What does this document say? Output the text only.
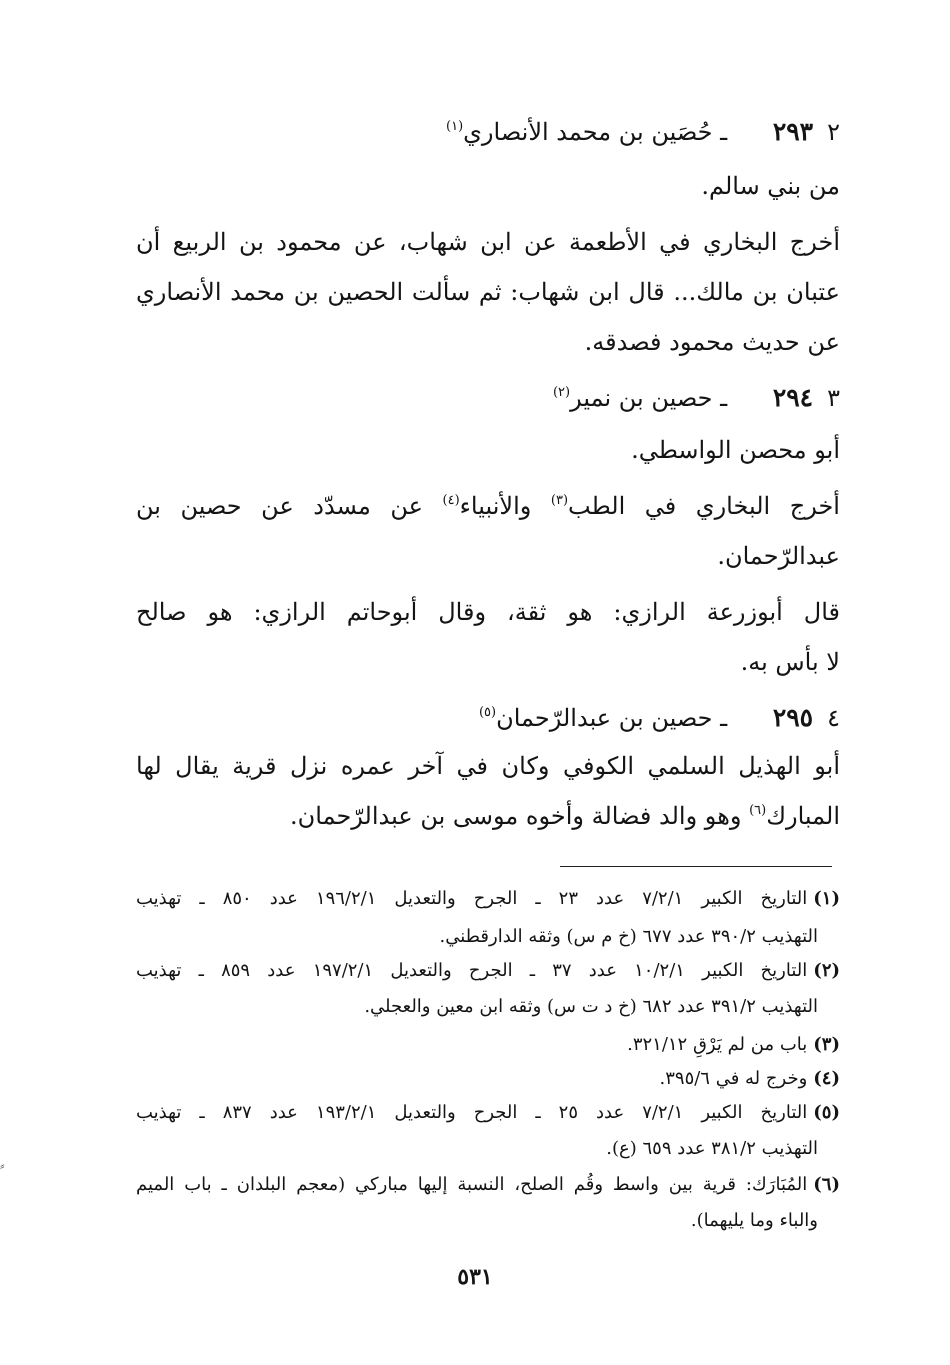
٢٩٣ ٢ ـ حُصَين بن محمد الأنصاري$^{(١)}$
من بني سالم.
أخرج البخاري في الأطعمة عن ابن شهاب، عن محمود بن الربيع أن
عتبان بن مالك... قال ابن شهاب: ثم سألت الحصين بن محمد الأنصاري
عن حديث محمود فصدقه.
٢٩٤ ٣ ـ حصين بن نمير$^{(٢)}$
أبو محصن الواسطي.
أخرج البخاري في الطب$^{(٣)}$ والأنبياء$^{(٤)}$ عن مسدّد عن حصين بن
عبدالرّحمان.
قال أبوزرعة الرازي: هو ثقة، وقال أبوحاتم الرازي: هو صالح
لا بأس به.
٢٩٥ ٤ ـ حصين بن عبدالرّحمان$^{(٥)}$
أبو الهذيل السلمي الكوفي وكان في آخر عمره نزل قرية يقال لها
المبارك$^{(٦)}$ وهو والد فضالة وأخوه موسى بن عبدالرّحمان.
(١)التاريخ الكبير ٧/٢/١ عدد ٢٣ ـ الجرح والتعديل ١٩٦/٢/١ عدد ٨٥٠ ـ تهذيب
التهذيب ٣٩٠/٢ عدد ٦٧٧ (خ م س) وثقه الدارقطني.
(٢)التاريخ الكبير ١٠/٢/١ عدد ٣٧ ـ الجرح والتعديل ١٩٧/٢/١ عدد ٨٥٩ ـ تهذيب
التهذيب ٣٩١/٢ عدد ٦٨٢ (خ د ت س) وثقه ابن معين والعجلي.
(٣)باب من لم يَرْقِ ٣٢١/١٢.
(٤)وخرج له في ٣٩٥/٦.
(٥)التاريخ الكبير ٧/٢/١ عدد ٢٥ ـ الجرح والتعديل ١٩٣/٢/١ عدد ٨٣٧ ـ تهذيب
التهذيب ٣٨١/٢ عدد ٦٥٩ (ع).
(٦)المُبَارَك: قرية بين واسط وقُم الصلح، النسبة إليها مباركي (معجم البلدان ـ باب الميم
والباء وما يليهما).
٥٣١
⸗
